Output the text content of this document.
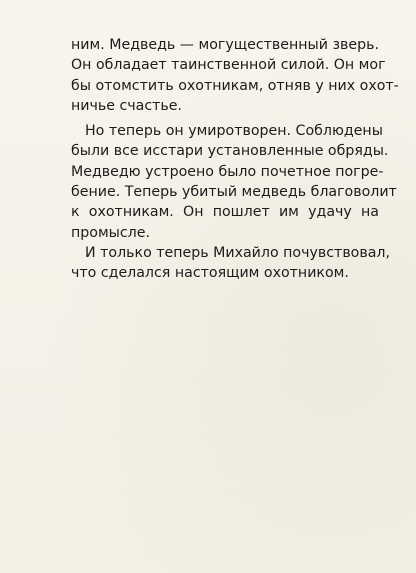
ним. Медведь — могущественный зверь.
Он обладает таинственной силой. Он мог
бы отомстить охотникам, отняв у них охот-
ничье счастье.

Но теперь он умиротворен. Соблюдены
были все исстари установленные обряды.
Медведю устроено было почетное погре-
бение. Теперь убитый медведь благоволит
к охотникам. Он пошлет им удачу на
промысле.

И только теперь Михайло почувствовал,
что сделался настоящим охотником.
